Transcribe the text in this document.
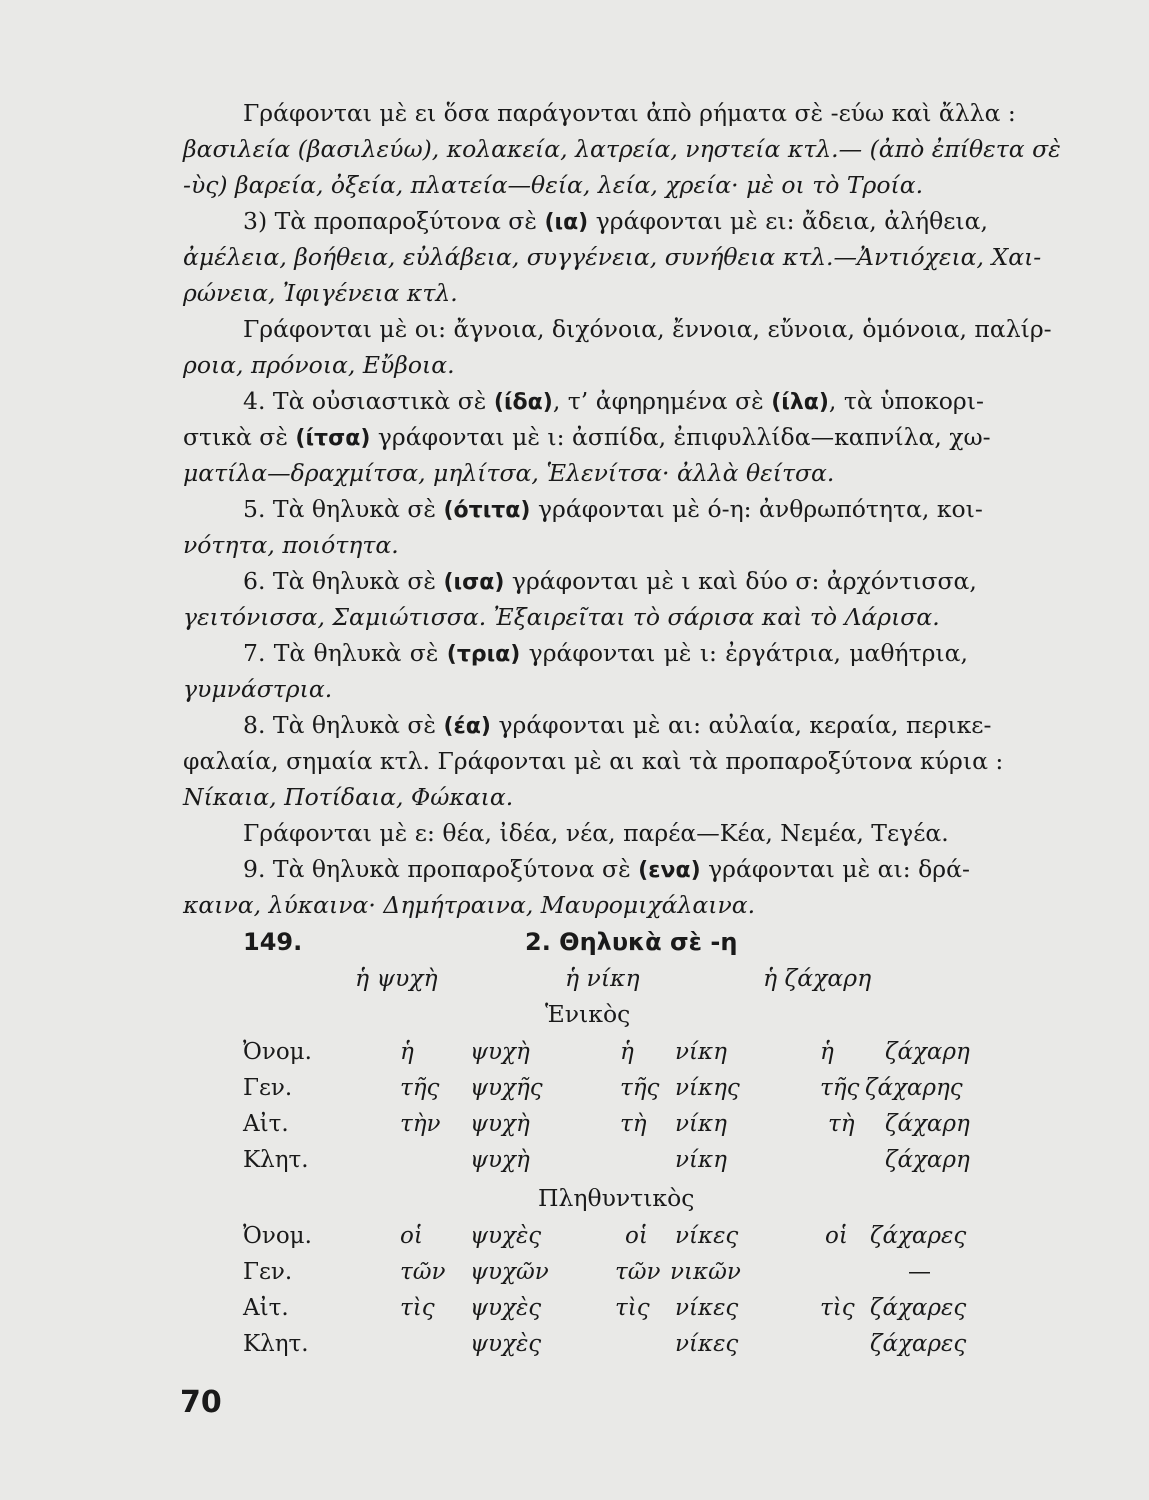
Γράφονται μὲ ει ὅσα παράγονται ἀπὸ ρήματα σὲ -εύω καὶ ἄλλα :
βασιλεία (βασιλεύω), κολακεία, λατρεία, νηστεία κτλ.— (ἀπὸ ἐπίθετα σὲ
-ὺς) βαρεία, ὀξεία, πλατεία—θεία, λεία, χρεία· μὲ οι τὸ Τροία.
3) Τὰ προπαροξύτονα σὲ (ια) γράφονται μὲ ει: ἄδεια, ἀλήθεια,
ἀμέλεια, βοήθεια, εὐλάβεια, συγγένεια, συνήθεια κτλ.—Ἀντιόχεια, Χαι-
ρώνεια, Ἰφιγένεια κτλ.
Γράφονται μὲ οι: ἄγνοια, διχόνοια, ἔννοια, εὔνοια, ὁμόνοια, παλίρ-
ροια, πρόνοια, Εὔβοια.
4. Τὰ οὐσιαστικὰ σὲ (ίδα), τ’ ἀφηρημένα σὲ (ίλα), τὰ ὑποκορι-
στικὰ σὲ (ίτσα) γράφονται μὲ ι: ἀσπίδα, ἐπιφυλλίδα—καπνίλα, χω-
ματίλα—δραχμίτσα, μηλίτσα, Ἑλενίτσα· ἀλλὰ θείτσα.
5. Τὰ θηλυκὰ σὲ (ότιτα) γράφονται μὲ ό-η: ἀνθρωπότητα, κοι-
νότητα, ποιότητα.
6. Τὰ θηλυκὰ σὲ (ισα) γράφονται μὲ ι καὶ δύο σ: ἀρχόντισσα,
γειτόνισσα, Σαμιώτισσα. Ἐξαιρεῖται τὸ σάρισα καὶ τὸ Λάρισα.
7. Τὰ θηλυκὰ σὲ (τρια) γράφονται μὲ ι: ἐργάτρια, μαθήτρια,
γυμνάστρια.
8. Τὰ θηλυκὰ σὲ (έα) γράφονται μὲ αι: αὐλαία, κεραία, περικε-
φαλαία, σημαία κτλ. Γράφονται μὲ αι καὶ τὰ προπαροξύτονα κύρια :
Νίκαια, Ποτίδαια, Φώκαια.
Γράφονται μὲ ε: θέα, ἰδέα, νέα, παρέα—Κέα, Νεμέα, Τεγέα.
9. Τὰ θηλυκὰ προπαροξύτονα σὲ (ενα) γράφονται μὲ αι: δρά-
καινα, λύκαινα· Δημήτραινα, Μαυρομιχάλαινα.
149.	2. Θηλυκὰ σὲ -η
ἡ ψυχὴ	ἡ νίκη	ἡ ζάχαρη
Ἑνικὸς
Ὀνομ.	ἡ ψυχὴ	ἡ νίκη	ἡ ζάχαρη
Γεν.	τῆς ψυχῆς	τῆς νίκης	τῆς ζάχαρης
Αἰτ.	τὴν ψυχὴ	τὴ νίκη	τὴ ζάχαρη
Κλητ.	ψυχὴ	νίκη	ζάχαρη
Πληθυντικὸς
Ὀνομ.	οἱ ψυχὲς	οἱ νίκες	οἱ ζάχαρες
Γεν.	τῶν ψυχῶν	τῶν νικῶν	—
Αἰτ.	τὶς ψυχὲς	τὶς νίκες	τὶς ζάχαρες
Κλητ.	ψυχὲς	νίκες	ζάχαρες
70
